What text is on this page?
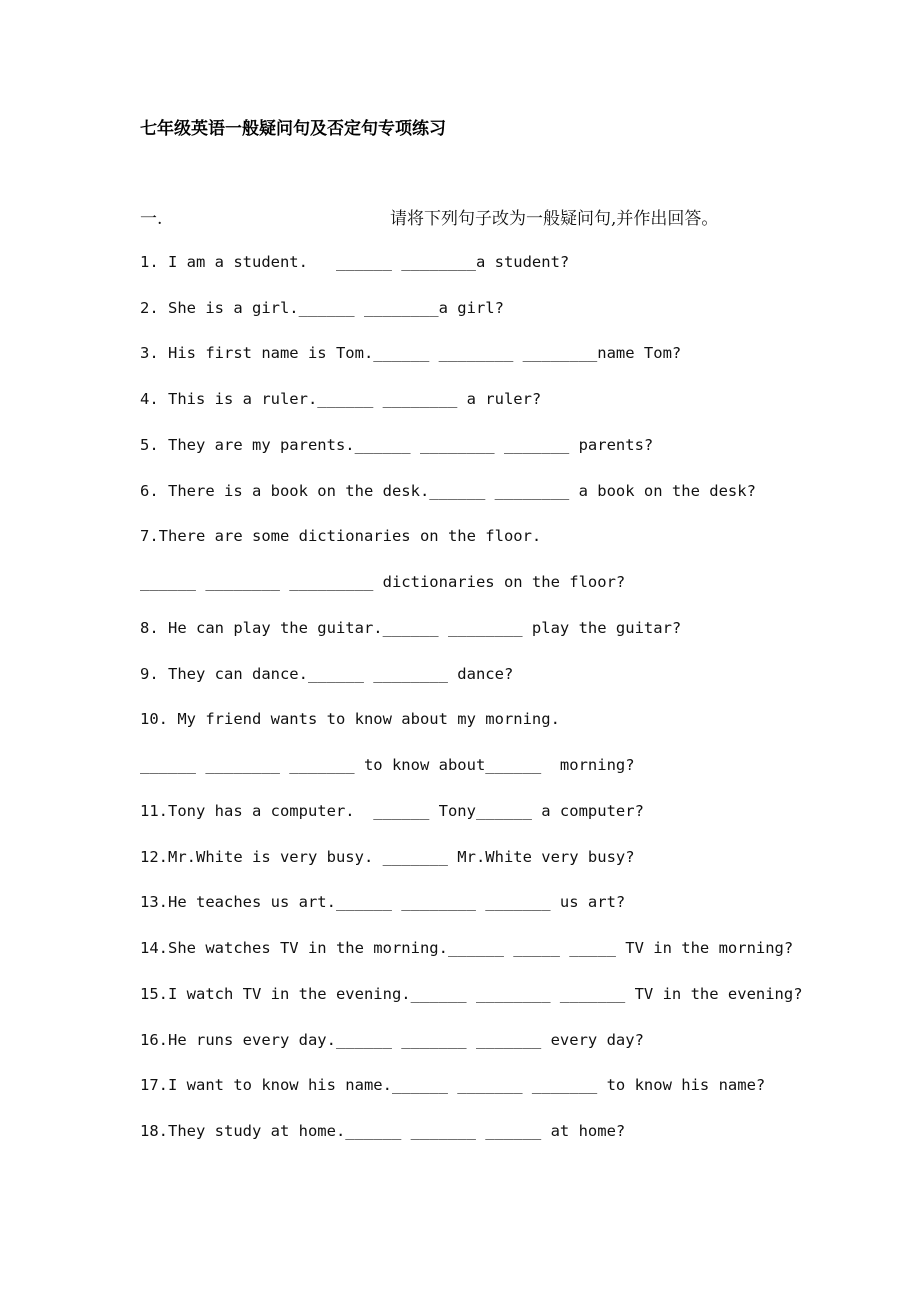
七年级英语一般疑问句及否定句专项练习
一.	请将下列句子改为一般疑问句,并作出回答。
1. I am a student.   ______ ________a student?
2. She is a girl.______ ________a girl?
3. His first name is Tom.______ ________ ________name Tom?
4. This is a ruler.______ ________ a ruler?
5. They are my parents.______ ________ _______ parents?
6. There is a book on the desk.______ ________ a book on the desk?
7.There are some dictionaries on the floor.
______ ________ _________ dictionaries on the floor?
8. He can play the guitar.______ ________ play the guitar?
9. They can dance.______ ________ dance?
10. My friend wants to know about my morning.
______ ________ _______ to know about______  morning?
11.Tony has a computer.  ______ Tony______ a computer?
12.Mr.White is very busy. _______ Mr.White very busy?
13.He teaches us art.______ ________ _______ us art?
14.She watches TV in the morning.______ _____ _____ TV in the morning?
15.I watch TV in the evening.______ ________ _______ TV in the evening?
16.He runs every day.______ _______ _______ every day?
17.I want to know his name.______ _______ _______ to know his name?
18.They study at home.______ _______ ______ at home?
